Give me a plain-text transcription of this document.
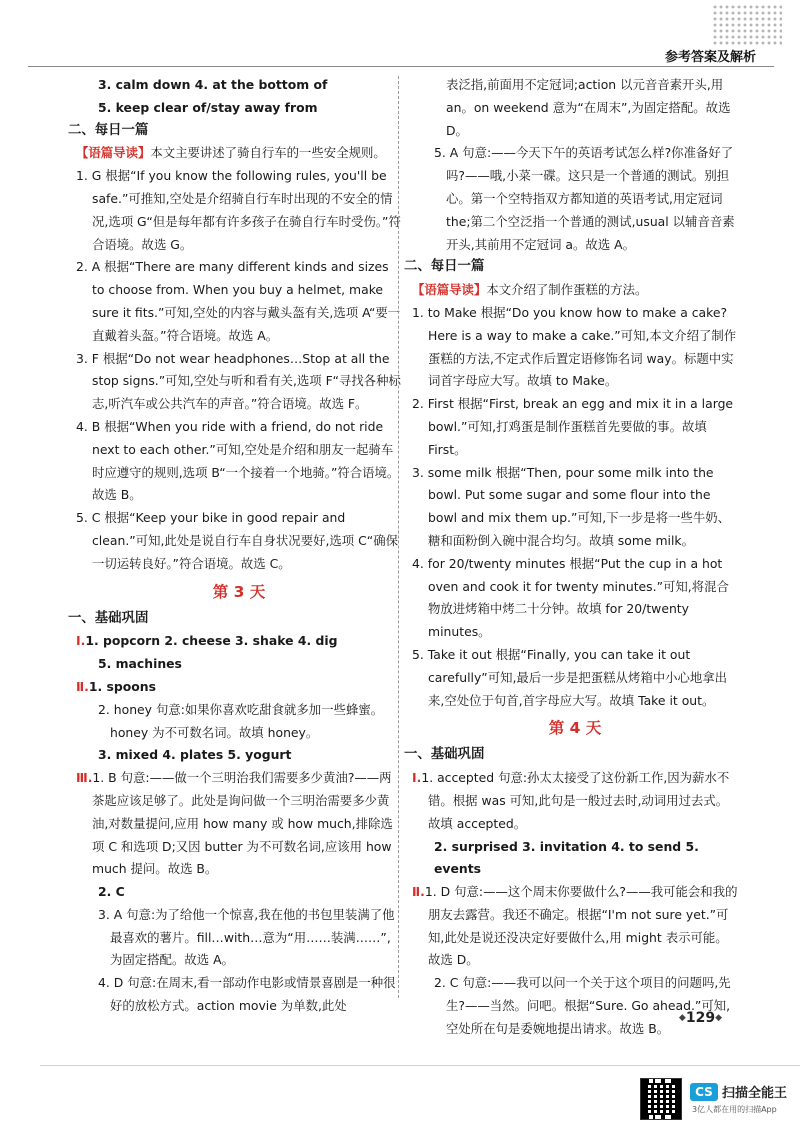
参考答案及解析
3. calm down 4. at the bottom of
5. keep clear of/stay away from
二、每日一篇
【语篇导读】本文主要讲述了骑自行车的一些安全规则。
1. G 根据“If you know the following rules, you'll be safe.”可推知,空处是介绍骑自行车时出现的不安全的情况,选项 G“但是每年都有许多孩子在骑自行车时受伤。”符合语境。故选 G。
2. A 根据“There are many different kinds and sizes to choose from. When you buy a helmet, make sure it fits.”可知,空处的内容与戴头盔有关,选项 A“要一直戴着头盔。”符合语境。故选 A。
3. F 根据“Do not wear headphones…Stop at all the stop signs.”可知,空处与听和看有关,选项 F“寻找各种标志,听汽车或公共汽车的声音。”符合语境。故选 F。
4. B 根据“When you ride with a friend, do not ride next to each other.”可知,空处是介绍和朋友一起骑车时应遵守的规则,选项 B“一个接着一个地骑。”符合语境。故选 B。
5. C 根据“Keep your bike in good repair and clean.”可知,此处是说自行车自身状况要好,选项 C“确保一切运转良好。”符合语境。故选 C。
第 3 天
一、基础巩固
Ⅰ.1. popcorn 2. cheese 3. shake 4. dig
5. machines
Ⅱ.1. spoons
2. honey 句意:如果你喜欢吃甜食就多加一些蜂蜜。honey 为不可数名词。故填 honey。
3. mixed 4. plates 5. yogurt
Ⅲ.1. B 句意:——做一个三明治我们需要多少黄油?——两茶匙应该足够了。此处是询问做一个三明治需要多少黄油,对数量提问,应用 how many 或 how much,排除选项 C 和选项 D;又因 butter 为不可数名词,应该用 how much 提问。故选 B。
2. C
3. A 句意:为了给他一个惊喜,我在他的书包里装满了他最喜欢的薯片。fill…with…意为“用……装满……”,为固定搭配。故选 A。
4. D 句意:在周末,看一部动作电影或情景喜剧是一种很好的放松方式。action movie 为单数,此处
表泛指,前面用不定冠词;action 以元音音素开头,用 an。on weekend 意为“在周末”,为固定搭配。故选 D。
5. A 句意:——今天下午的英语考试怎么样?你准备好了吗?——哦,小菜一碟。这只是一个普通的测试。别担心。第一个空特指双方都知道的英语考试,用定冠词 the;第二个空泛指一个普通的测试,usual 以辅音音素开头,其前用不定冠词 a。故选 A。
二、每日一篇
【语篇导读】本文介绍了制作蛋糕的方法。
1. to Make 根据“Do you know how to make a cake? Here is a way to make a cake.”可知,本文介绍了制作蛋糕的方法,不定式作后置定语修饰名词 way。标题中实词首字母应大写。故填 to Make。
2. First 根据“First, break an egg and mix it in a large bowl.”可知,打鸡蛋是制作蛋糕首先要做的事。故填 First。
3. some milk 根据“Then, pour some milk into the bowl. Put some sugar and some flour into the bowl and mix them up.”可知,下一步是将一些牛奶、糖和面粉倒入碗中混合均匀。故填 some milk。
4. for 20/twenty minutes 根据“Put the cup in a hot oven and cook it for twenty minutes.”可知,将混合物放进烤箱中烤二十分钟。故填 for 20/twenty minutes。
5. Take it out 根据“Finally, you can take it out carefully”可知,最后一步是把蛋糕从烤箱中小心地拿出来,空处位于句首,首字母应大写。故填 Take it out。
第 4 天
一、基础巩固
Ⅰ.1. accepted 句意:孙太太接受了这份新工作,因为薪水不错。根据 was 可知,此句是一般过去时,动词用过去式。故填 accepted。
2. surprised 3. invitation 4. to send 5. events
Ⅱ.1. D 句意:——这个周末你要做什么?——我可能会和我的朋友去露营。我还不确定。根据“I'm not sure yet.”可知,此处是说还没决定好要做什么,用 might 表示可能。故选 D。
2. C 句意:——我可以问一个关于这个项目的问题吗,先生?——当然。问吧。根据“Sure. Go ahead.”可知,空处所在句是委婉地提出请求。故选 B。
◆129◆
CS 扫描全能王
3亿人都在用的扫描App
